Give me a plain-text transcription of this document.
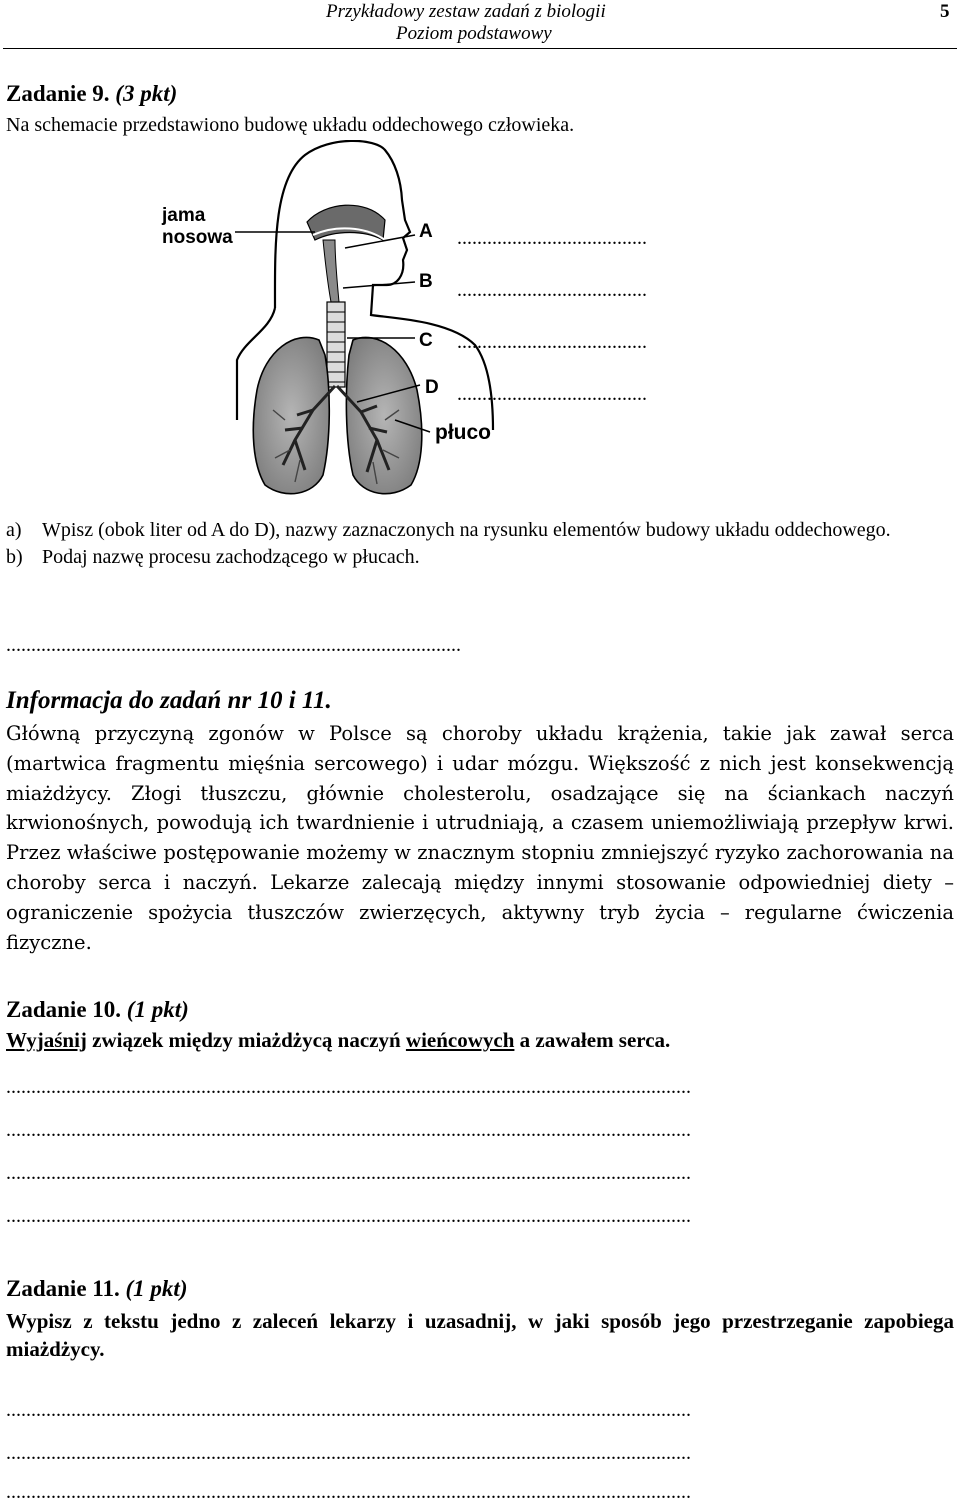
Przykładowy zestaw zadań z biologii
Poziom podstawowy
5
Zadanie 9. (3 pkt)
Na schemacie przedstawiono budowę układu oddechowego człowieka.
jama
nosowa	A
B
C
D
płuco
......................................
......................................
......................................
......................................
a) Wpisz (obok liter od A do D), nazwy zaznaczonych na rysunku elementów budowy układu oddechowego.
b) Podaj nazwę procesu zachodzącego w płucach.
...........................................................................................
Informacja do zadań nr 10 i 11.
Główną przyczyną zgonów w Polsce są choroby układu krążenia, takie jak zawał serca (martwica fragmentu mięśnia sercowego) i udar mózgu. Większość z nich jest konsekwencją miażdżycy. Złogi tłuszczu, głównie cholesterolu, osadzające się na ściankach naczyń krwionośnych, powodują ich twardnienie i utrudniają, a czasem uniemożliwiają przepływ krwi. Przez właściwe postępowanie możemy w znacznym stopniu zmniejszyć ryzyko zachorowania na choroby serca i naczyń. Lekarze zalecają między innymi stosowanie odpowiedniej diety – ograniczenie spożycia tłuszczów zwierzęcych, aktywny tryb życia – regularne ćwiczenia fizyczne.
Zadanie 10. (1 pkt)
Wyjaśnij związek między miażdżycą naczyń wieńcowych a zawałem serca.
.........................................................................................................................................
.........................................................................................................................................
.........................................................................................................................................
.........................................................................................................................................
Zadanie 11. (1 pkt)
Wypisz z tekstu jedno z zaleceń lekarzy i uzasadnij, w jaki sposób jego przestrzeganie zapobiega miażdżycy.
.........................................................................................................................................
.........................................................................................................................................
.........................................................................................................................................
